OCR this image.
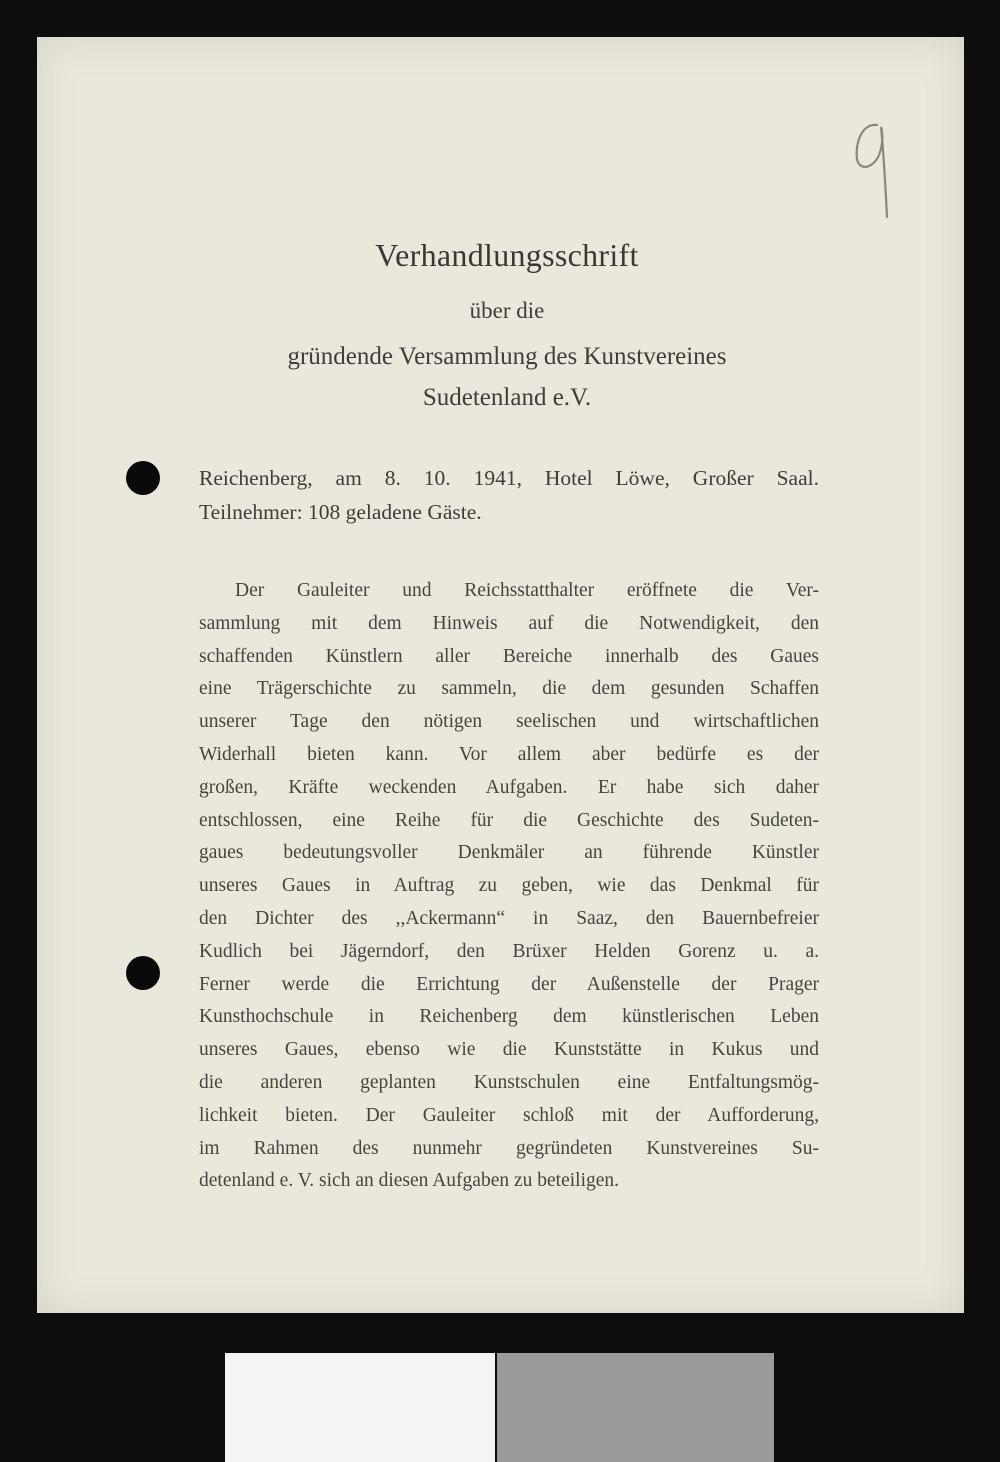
Verhandlungsschrift
über die
gründende Versammlung des Kunstvereines
Sudetenland e.V.
Reichenberg, am 8. 10. 1941, Hotel Löwe, Großer Saal.
Teilnehmer: 108 geladene Gäste.
Der Gauleiter und Reichsstatthalter eröffnete die Ver-
sammlung mit dem Hinweis auf die Notwendigkeit, den
schaffenden Künstlern aller Bereiche innerhalb des Gaues
eine Trägerschichte zu sammeln, die dem gesunden Schaffen
unserer Tage den nötigen seelischen und wirtschaftlichen
Widerhall bieten kann. Vor allem aber bedürfe es der
großen, Kräfte weckenden Aufgaben. Er habe sich daher
entschlossen, eine Reihe für die Geschichte des Sudeten-
gaues bedeutungsvoller Denkmäler an führende Künstler
unseres Gaues in Auftrag zu geben, wie das Denkmal für
den Dichter des ,,Ackermann“ in Saaz, den Bauernbefreier
Kudlich bei Jägerndorf, den Brüxer Helden Gorenz u. a.
Ferner werde die Errichtung der Außenstelle der Prager
Kunsthochschule in Reichenberg dem künstlerischen Leben
unseres Gaues, ebenso wie die Kunststätte in Kukus und
die anderen geplanten Kunstschulen eine Entfaltungsmög-
lichkeit bieten. Der Gauleiter schloß mit der Aufforderung,
im Rahmen des nunmehr gegründeten Kunstvereines Su-
detenland e. V. sich an diesen Aufgaben zu beteiligen.
